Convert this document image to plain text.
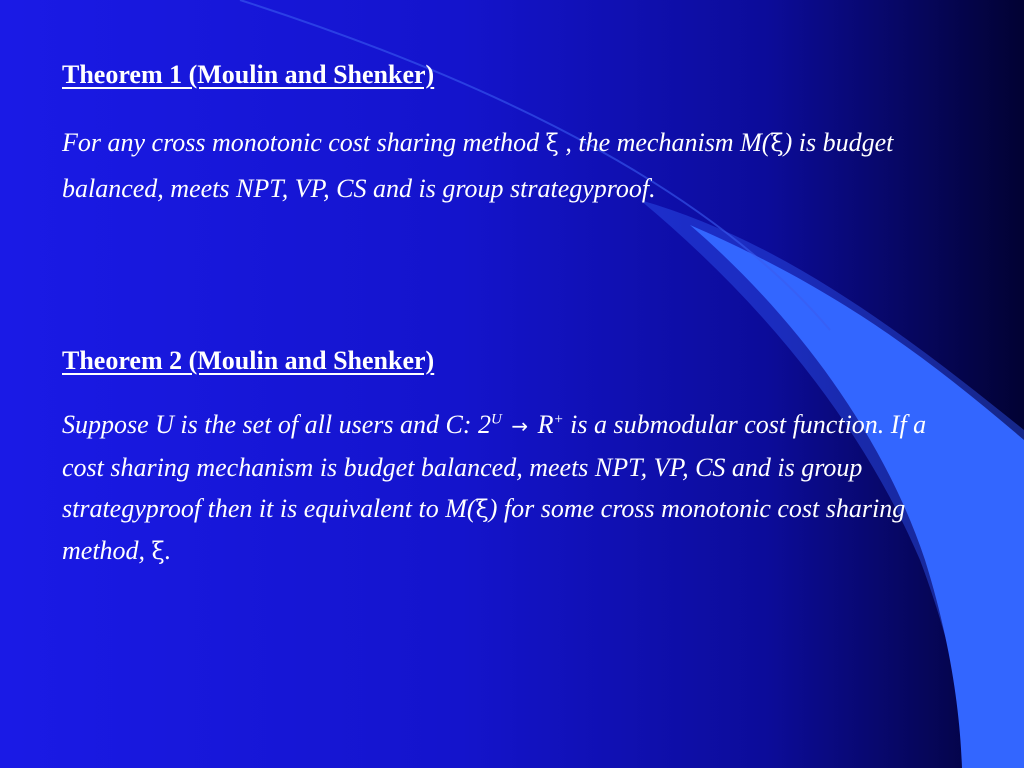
Theorem 1 (Moulin and Shenker)

For any cross monotonic cost sharing method ξ , the mechanism M(ξ) is budget balanced, meets NPT, VP, CS and is group strategyproof.

Theorem 2 (Moulin and Shenker)

Suppose U is the set of all users and C: $2^U \to R^+$ is a submodular cost function. If a cost sharing mechanism is budget balanced, meets NPT, VP, CS and is group strategyproof then it is equivalent to M(ξ) for some cross monotonic cost sharing method, ξ.
